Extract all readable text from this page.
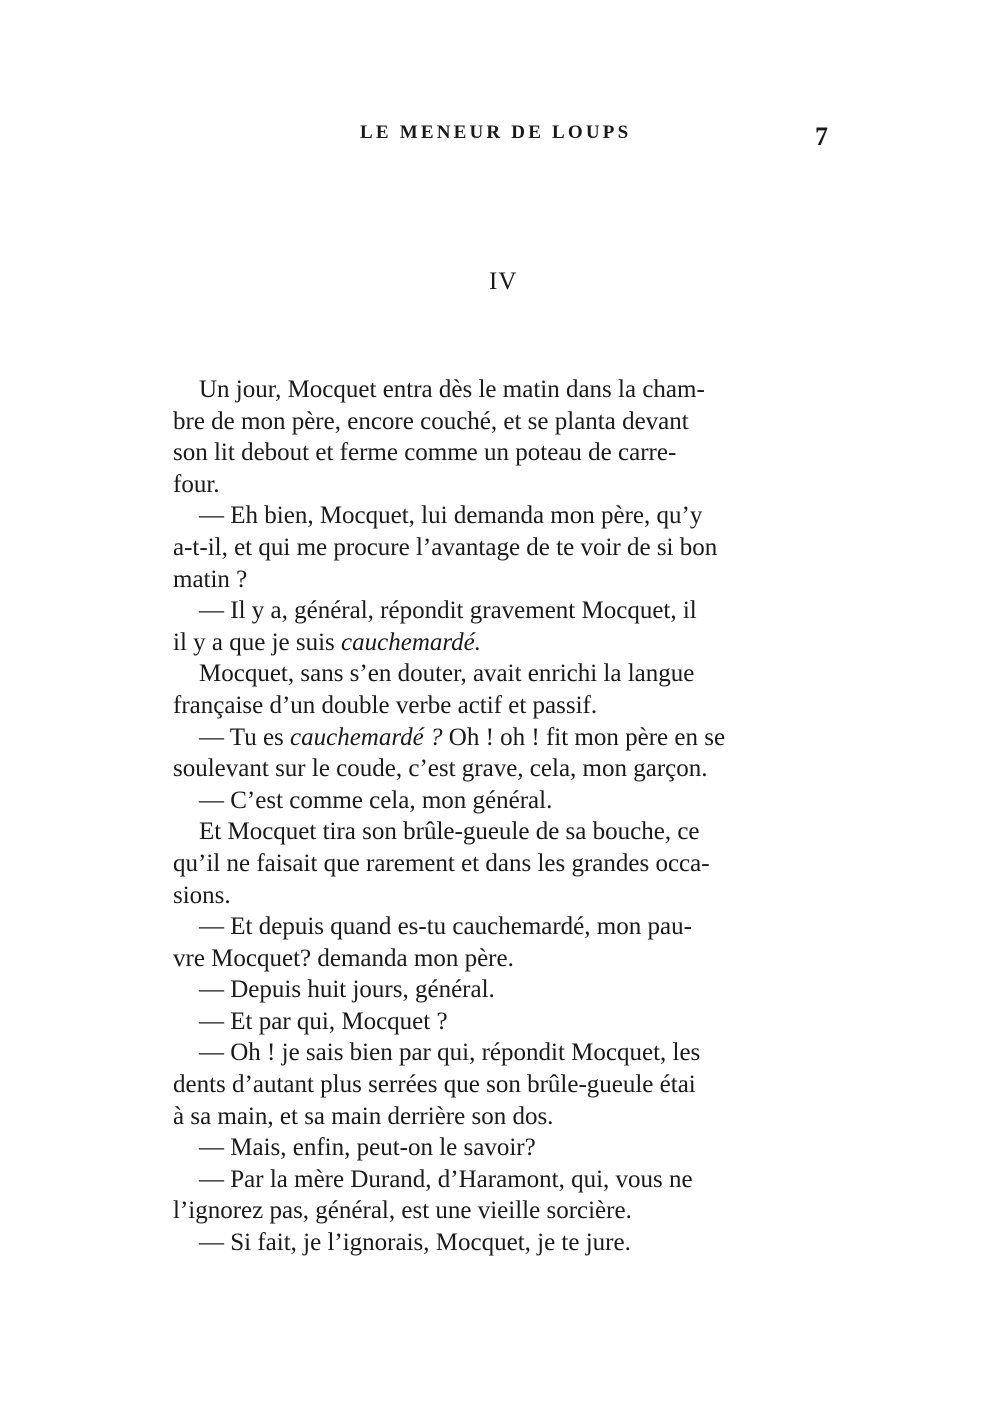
LE MENEUR DE LOUPS	7
IV
Un jour, Mocquet entra dès le matin dans la cham-
bre de mon père, encore couché, et se planta devant
son lit debout et ferme comme un poteau de carre-
four.
— Eh bien, Mocquet, lui demanda mon père, qu’y
a-t-il, et qui me procure l’avantage de te voir de si bon
matin ?
— Il y a, général, répondit gravement Mocquet, il
il y a que je suis cauchemardé.
Mocquet, sans s’en douter, avait enrichi la langue
française d’un double verbe actif et passif.
— Tu es cauchemardé ? Oh ! oh ! fit mon père en se
soulevant sur le coude, c’est grave, cela, mon garçon.
— C’est comme cela, mon général.
Et Mocquet tira son brûle-gueule de sa bouche, ce
qu’il ne faisait que rarement et dans les grandes occa-
sions.
— Et depuis quand es-tu cauchemardé, mon pau-
vre Mocquet? demanda mon père.
— Depuis huit jours, général.
— Et par qui, Mocquet ?
— Oh ! je sais bien par qui, répondit Mocquet, les
dents d’autant plus serrées que son brûle-gueule étai
à sa main, et sa main derrière son dos.
— Mais, enfin, peut-on le savoir?
— Par la mère Durand, d’Haramont, qui, vous ne
l’ignorez pas, général, est une vieille sorcière.
— Si fait, je l’ignorais, Mocquet, je te jure.
